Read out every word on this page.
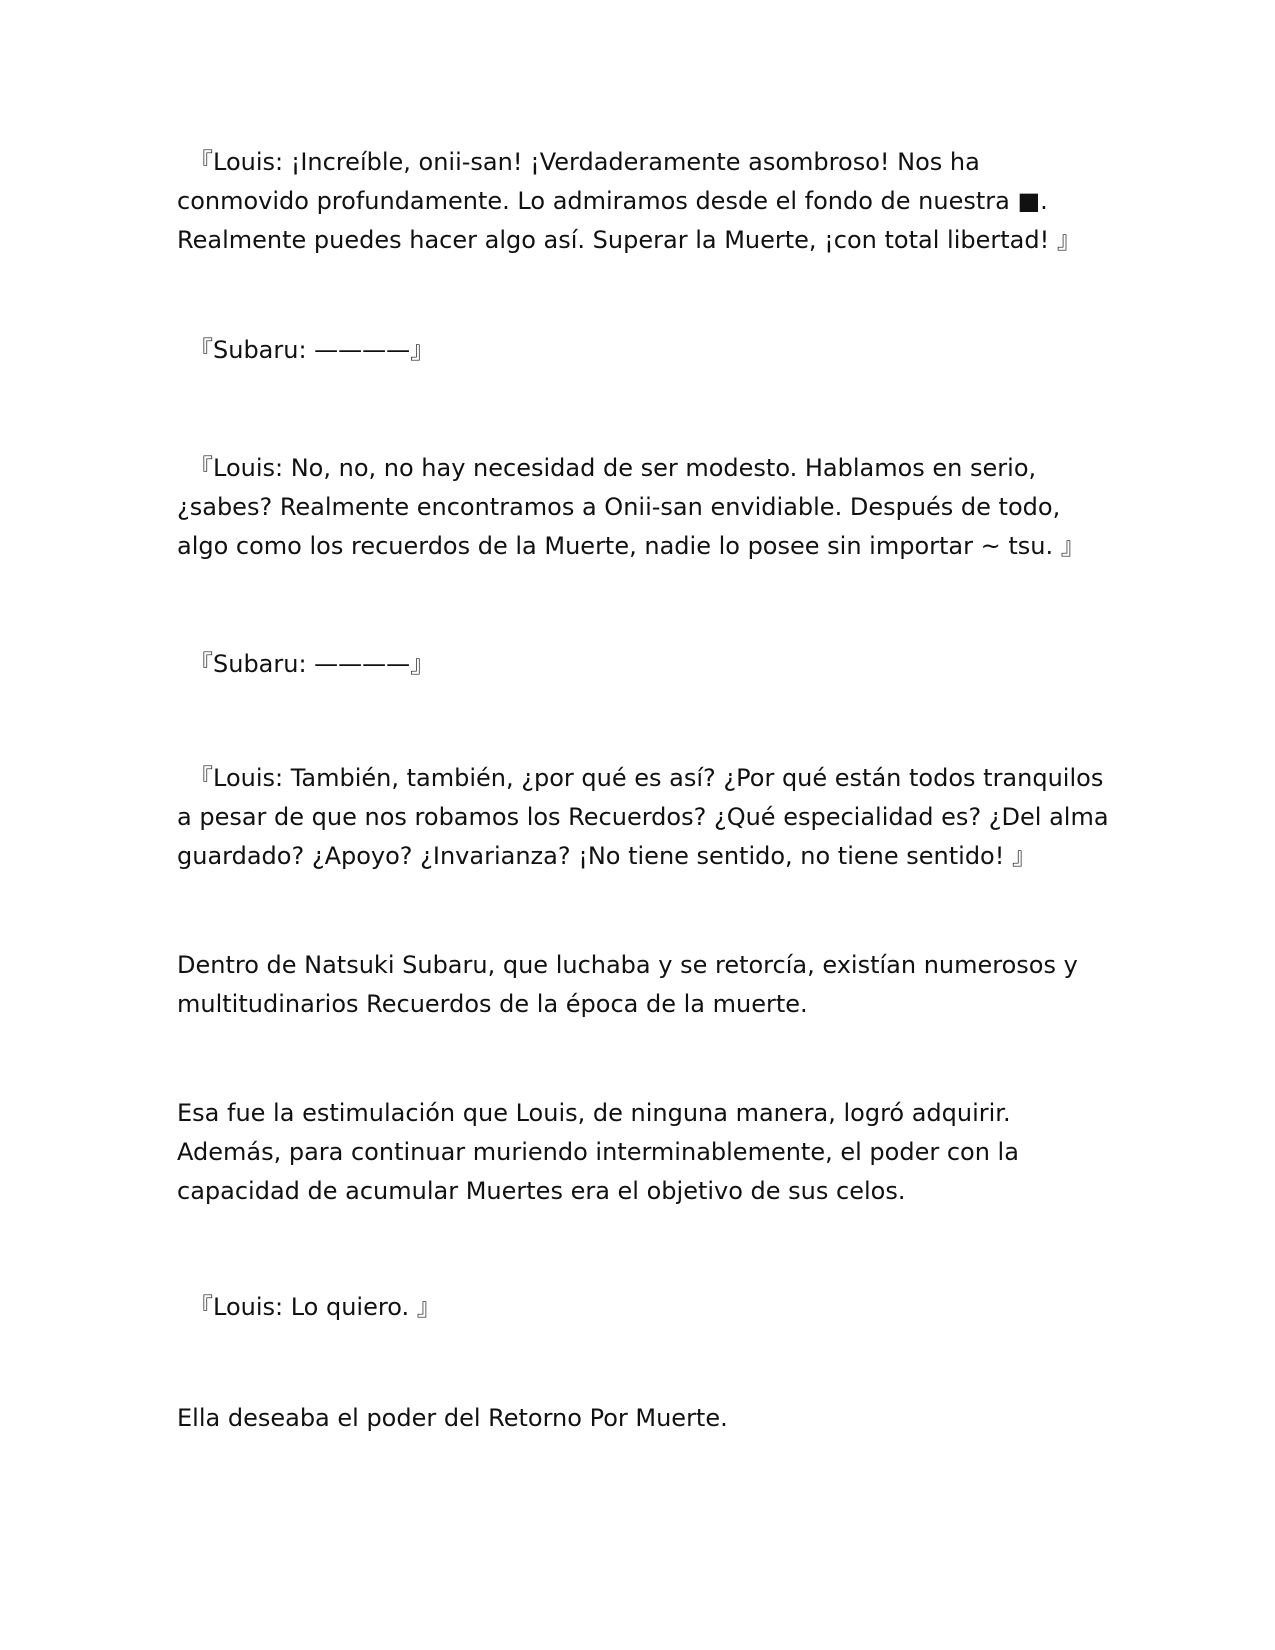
　『Louis: ¡Increíble, onii-san! ¡Verdaderamente asombroso! Nos ha
conmovido profundamente. Lo admiramos desde el fondo de nuestra ■.
Realmente puedes hacer algo así. Superar la Muerte, ¡con total libertad! 』

　『Subaru: ————』

　『Louis: No, no, no hay necesidad de ser modesto. Hablamos en serio,
¿sabes? Realmente encontramos a Onii-san envidiable. Después de todo,
algo como los recuerdos de la Muerte, nadie lo posee sin importar ~ tsu. 』

　『Subaru: ————』

　『Louis: También, también, ¿por qué es así? ¿Por qué están todos tranquilos
a pesar de que nos robamos los Recuerdos? ¿Qué especialidad es? ¿Del alma
guardado? ¿Apoyo? ¿Invarianza? ¡No tiene sentido, no tiene sentido! 』

Dentro de Natsuki Subaru, que luchaba y se retorcía, existían numerosos y
multitudinarios Recuerdos de la época de la muerte.

Esa fue la estimulación que Louis, de ninguna manera, logró adquirir.
Además, para continuar muriendo interminablemente, el poder con la
capacidad de acumular Muertes era el objetivo de sus celos.

　『Louis: Lo quiero. 』

Ella deseaba el poder del Retorno Por Muerte.
